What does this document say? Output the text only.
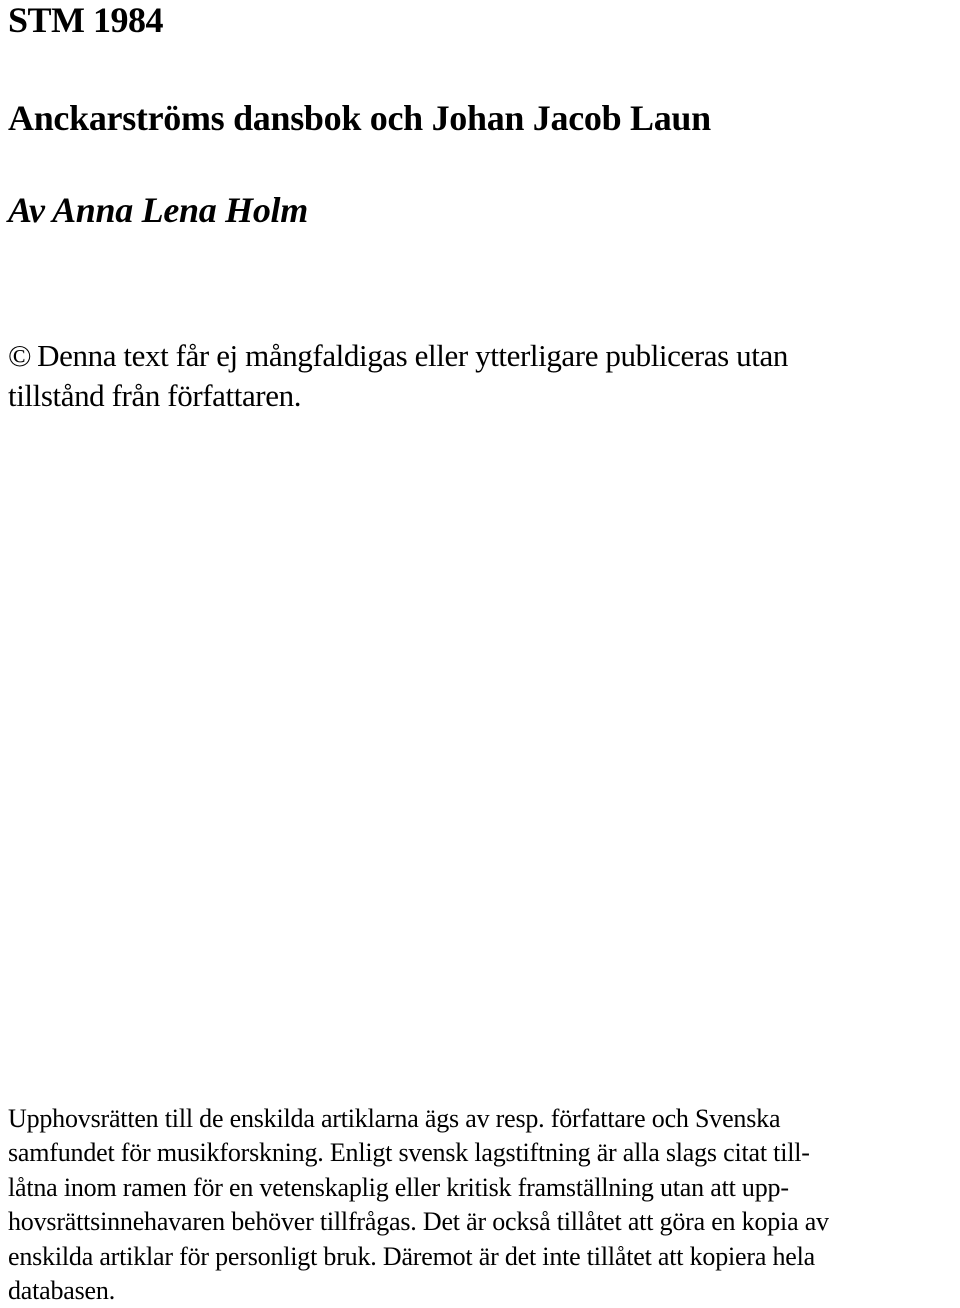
STM 1984
Anckarströms dansbok och Johan Jacob Laun
Av Anna Lena Holm

© Denna text får ej mångfaldigas eller ytterligare publiceras utan
tillstånd från författaren.

Upphovsrätten till de enskilda artiklarna ägs av resp. författare och Svenska
samfundet för musikforskning. Enligt svensk lagstiftning är alla slags citat till-
låtna inom ramen för en vetenskaplig eller kritisk framställning utan att upp-
hovsrättsinnehavaren behöver tillfrågas. Det är också tillåtet att göra en kopia av
enskilda artiklar för personligt bruk. Däremot är det inte tillåtet att kopiera hela
databasen.
